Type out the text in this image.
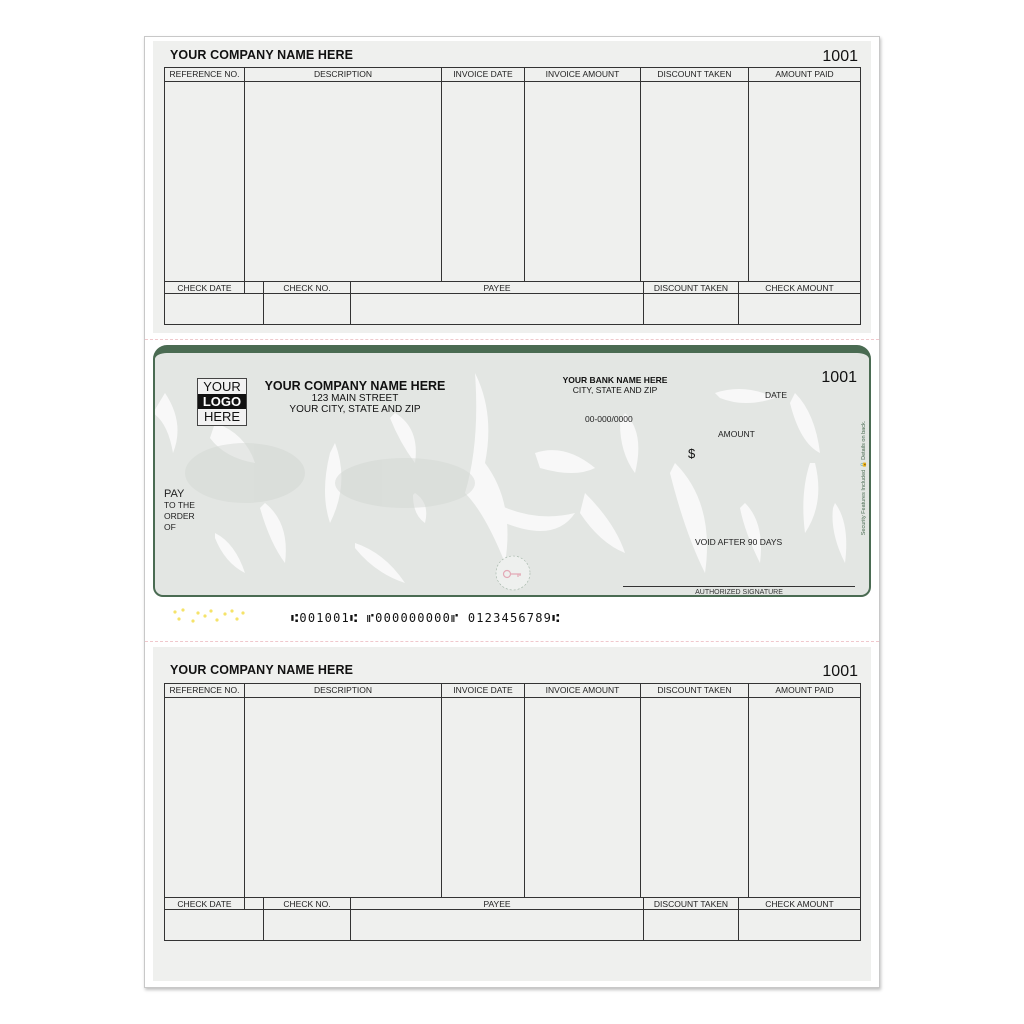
YOUR COMPANY NAME HERE	1001
REFERENCE NO.	DESCRIPTION	INVOICE DATE	INVOICE AMOUNT	DISCOUNT TAKEN	AMOUNT PAID
CHECK DATE	CHECK NO.	PAYEE	DISCOUNT TAKEN	CHECK AMOUNT
THE FACE OF THIS DOCUMENT HAS A COLORED BACKGROUND ON WHITE PAPER
YOUR
LOGO
HERE
YOUR COMPANY NAME HERE
123 MAIN STREET
YOUR CITY, STATE AND ZIP
YOUR BANK NAME HERE
CITY, STATE AND ZIP
00-000/0000
1001
DATE
AMOUNT
$
PAY
TO THE
ORDER
OF
VOID AFTER 90 DAYS
AUTHORIZED SIGNATURE
Security Features Included 🔒 Details on back.
⑆001001⑆ ⑈000000000⑈ 0123456789⑆
YOUR COMPANY NAME HERE	1001
REFERENCE NO.	DESCRIPTION	INVOICE DATE	INVOICE AMOUNT	DISCOUNT TAKEN	AMOUNT PAID
CHECK DATE	CHECK NO.	PAYEE	DISCOUNT TAKEN	CHECK AMOUNT
